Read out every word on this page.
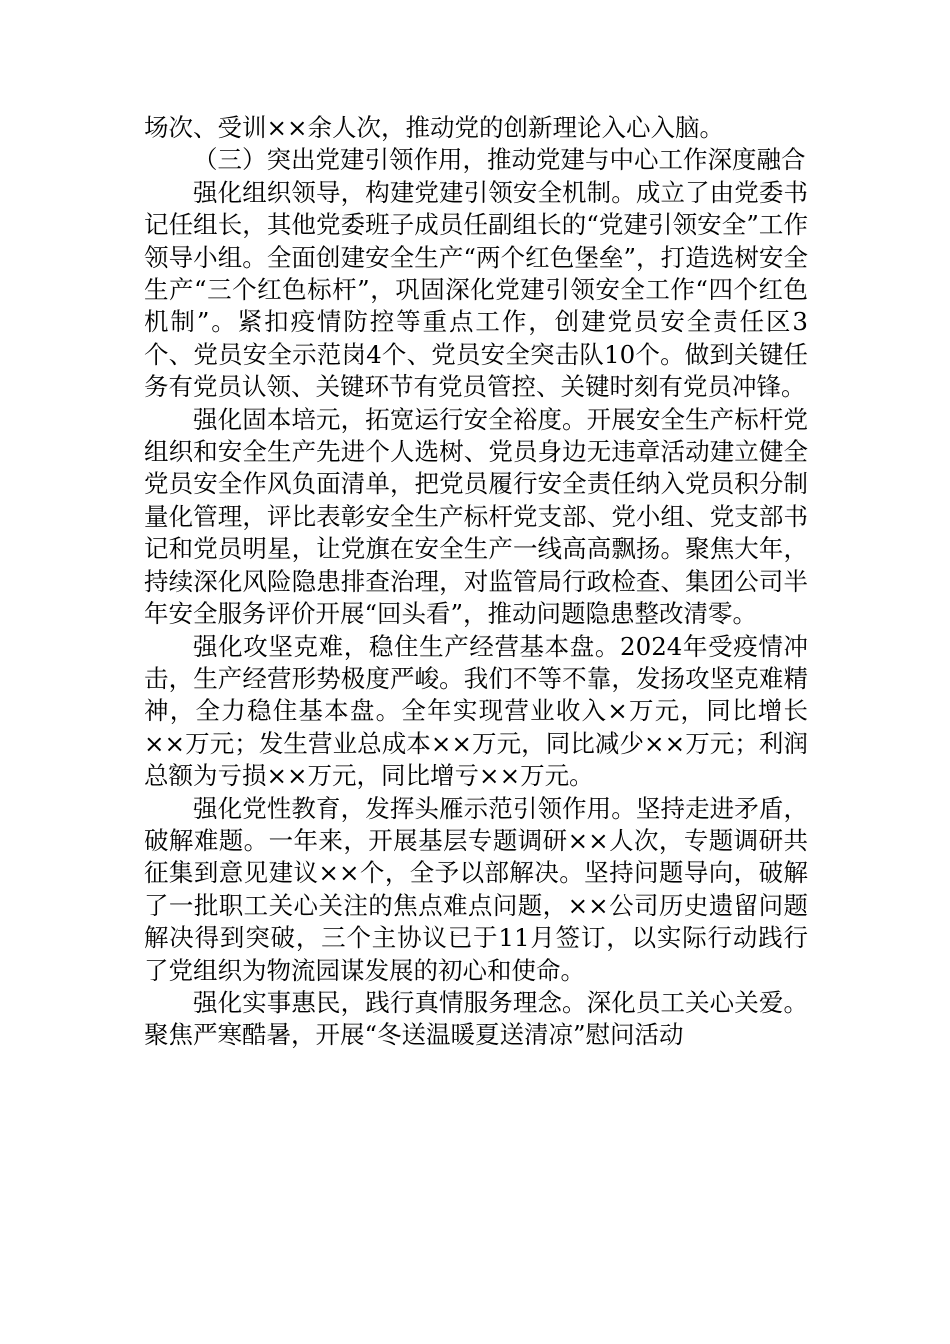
场次、受训××余人次，推动党的创新理论入心入脑。

（三）突出党建引领作用，推动党建与中心工作深度融合

强化组织领导，构建党建引领安全机制。成立了由党委书记任组长，其他党委班子成员任副组长的“党建引领安全”工作领导小组。全面创建安全生产“两个红色堡垒”，打造选树安全生产“三个红色标杆”，巩固深化党建引领安全工作“四个红色机制”。紧扣疫情防控等重点工作，创建党员安全责任区3个、党员安全示范岗4个、党员安全突击队10个。做到关键任务有党员认领、关键环节有党员管控、关键时刻有党员冲锋。

强化固本培元，拓宽运行安全裕度。开展安全生产标杆党组织和安全生产先进个人选树、党员身边无违章活动建立健全党员安全作风负面清单，把党员履行安全责任纳入党员积分制量化管理，评比表彰安全生产标杆党支部、党小组、党支部书记和党员明星，让党旗在安全生产一线高高飘扬。聚焦大年，持续深化风险隐患排查治理，对监管局行政检查、集团公司半年安全服务评价开展“回头看”，推动问题隐患整改清零。

强化攻坚克难，稳住生产经营基本盘。2024年受疫情冲击，生产经营形势极度严峻。我们不等不靠，发扬攻坚克难精神，全力稳住基本盘。全年实现营业收入×万元，同比增长××万元；发生营业总成本××万元，同比减少××万元；利润总额为亏损××万元，同比增亏××万元。

强化党性教育，发挥头雁示范引领作用。坚持走进矛盾，破解难题。一年来，开展基层专题调研××人次，专题调研共征集到意见建议××个，全予以部解决。坚持问题导向，破解了一批职工关心关注的焦点难点问题，××公司历史遗留问题解决得到突破，三个主协议已于11月签订，以实际行动践行了党组织为物流园谋发展的初心和使命。

强化实事惠民，践行真情服务理念。深化员工关心关爱。聚焦严寒酷暑，开展“冬送温暖夏送清凉”慰问活动
